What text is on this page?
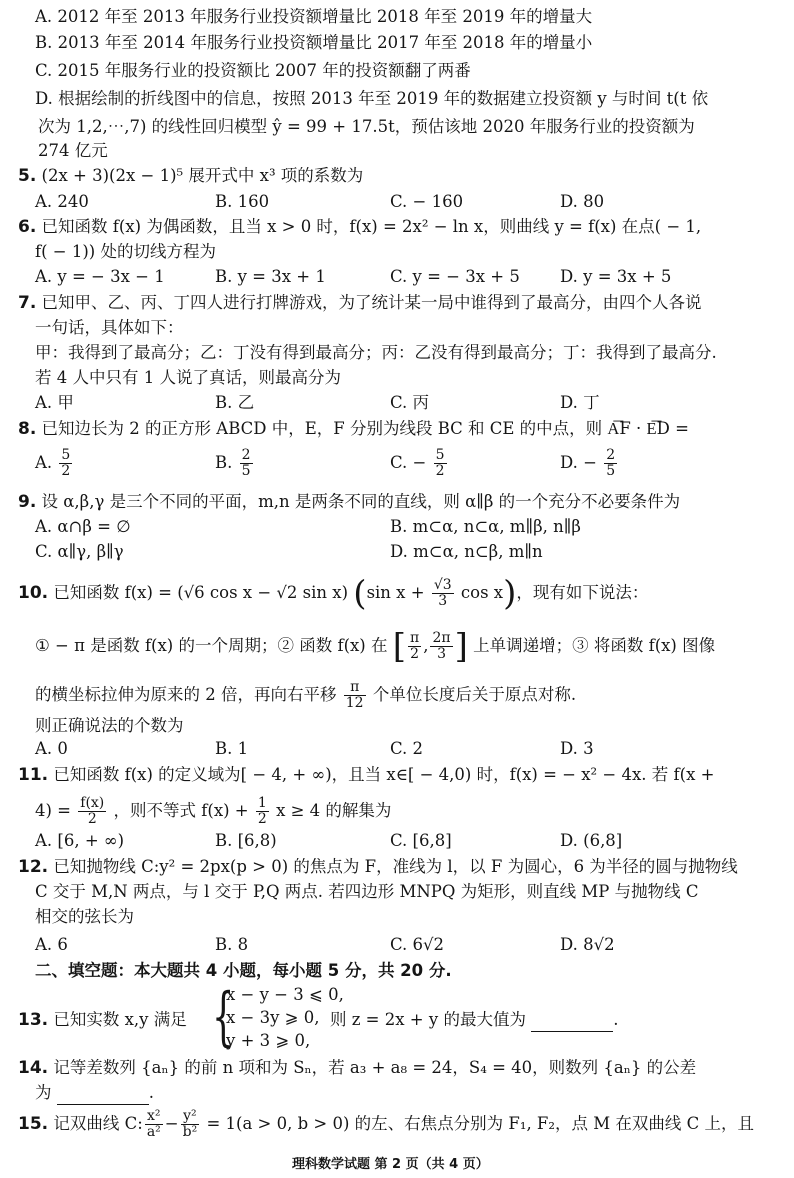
A. 2012 年至 2013 年服务行业投资额增量比 2018 年至 2019 年的增量大
B. 2013 年至 2014 年服务行业投资额增量比 2017 年至 2018 年的增量小
C. 2015 年服务行业的投资额比 2007 年的投资额翻了两番
D. 根据绘制的折线图中的信息，按照 2013 年至 2019 年的数据建立投资额 y 与时间 t(t 依
次为 1,2,⋯,7) 的线性回归模型 ŷ = 99 + 17.5t，预估该地 2020 年服务行业的投资额为
274 亿元
5. (2x + 3)(2x − 1)⁵ 展开式中 x³ 项的系数为
A. 240	B. 160	C. − 160	D. 80
6. 已知函数 f(x) 为偶函数，且当 x > 0 时，f(x) = 2x² − ln x，则曲线 y = f(x) 在点( − 1,
f( − 1)) 处的切线方程为
A. y = − 3x − 1	B. y = 3x + 1	C. y = − 3x + 5 D. y = 3x + 5
7. 已知甲、乙、丙、丁四人进行打牌游戏，为了统计某一局中谁得到了最高分，由四个人各说
一句话，具体如下：
甲：我得到了最高分；乙：丁没有得到最高分；丙：乙没有得到最高分；丁：我得到了最高分.
若 4 人中只有 1 人说了真话，则最高分为
A. 甲	B. 乙	C. 丙	D. 丁
8. 已知边长为 2 的正方形 ABCD 中，E，F 分别为线段 BC 和 CE 的中点，则 A͞F · E͞D =
A. $\frac{5}{2}$	B. $\frac{2}{5}$	C. − $\frac{5}{2}$	D. − $\frac{2}{5}$
9. 设 α,β,γ 是三个不同的平面，m,n 是两条不同的直线，则 α∥β 的一个充分不必要条件为
A. α∩β = ∅	B. m⊂α, n⊂α, m∥β, n∥β
C. α∥γ, β∥γ	D. m⊂α, n⊂β, m∥n
10. 已知函数 f(x) = (√6 cos x − √2 sin x) (sin $x + \frac{√3}{3}$ cos x)，现有如下说法：
① − π 是函数 f(x) 的一个周期；② 函数 f(x) 在 [ $\frac{\pi}{2}$ , $\frac{2\pi}{3}$ ] 上单调递增；③ 将函数 f(x) 图像
的横坐标拉伸为原来的 2 倍，再向右平移 $\frac{\pi}{12}$ 个单位长度后关于原点对称.
则正确说法的个数为
A. 0	B. 1	C. 2	D. 3
11. 已知函数 f(x) 的定义域为[ − 4, + ∞)，且当 x∈[ − 4,0) 时，f(x) = − x² − 4x. 若 f(x +
$4) = \frac{f(x)}{2}$ ，则不等式 $f(x) + \frac{1}{2}$ x ≥ 4 的解集为
A. [6, + ∞)	B. [6,8)	C. [6,8]	D. (6,8]
12. 已知抛物线 C:y² = 2px(p > 0) 的焦点为 F，准线为 l，以 F 为圆心，6 为半径的圆与抛物线
C 交于 M,N 两点，与 l 交于 P,Q 两点. 若四边形 MNPQ 为矩形，则直线 MP 与抛物线 C
相交的弦长为
A. 6	B. 8	C. 6√2	D. 8√2
二、填空题：本大题共 4 小题，每小题 5 分，共 20 分.
13. 已知实数 x,y 满足 {
x − y − 3 ⩽ 0,
x − 3y ⩾ 0,
y + 3 ⩾ 0,
则 z = 2x + y 的最大值为	.
14. 记等差数列 {aₙ} 的前 n 项和为 Sₙ，若 a₃ + a₈ = 24，S₄ = 40，则数列 {aₙ} 的公差
为	.
15. 记双曲线 C: $\frac{\text{x²}}{\text{a²}} - \frac{\text{y²}}{\text{b²}} = 1(a > 0$, b > 0) 的左、右焦点分别为 F₁, F₂，点 M 在双曲线 C 上，且
理科数学试题 第 2 页（共 4 页）
